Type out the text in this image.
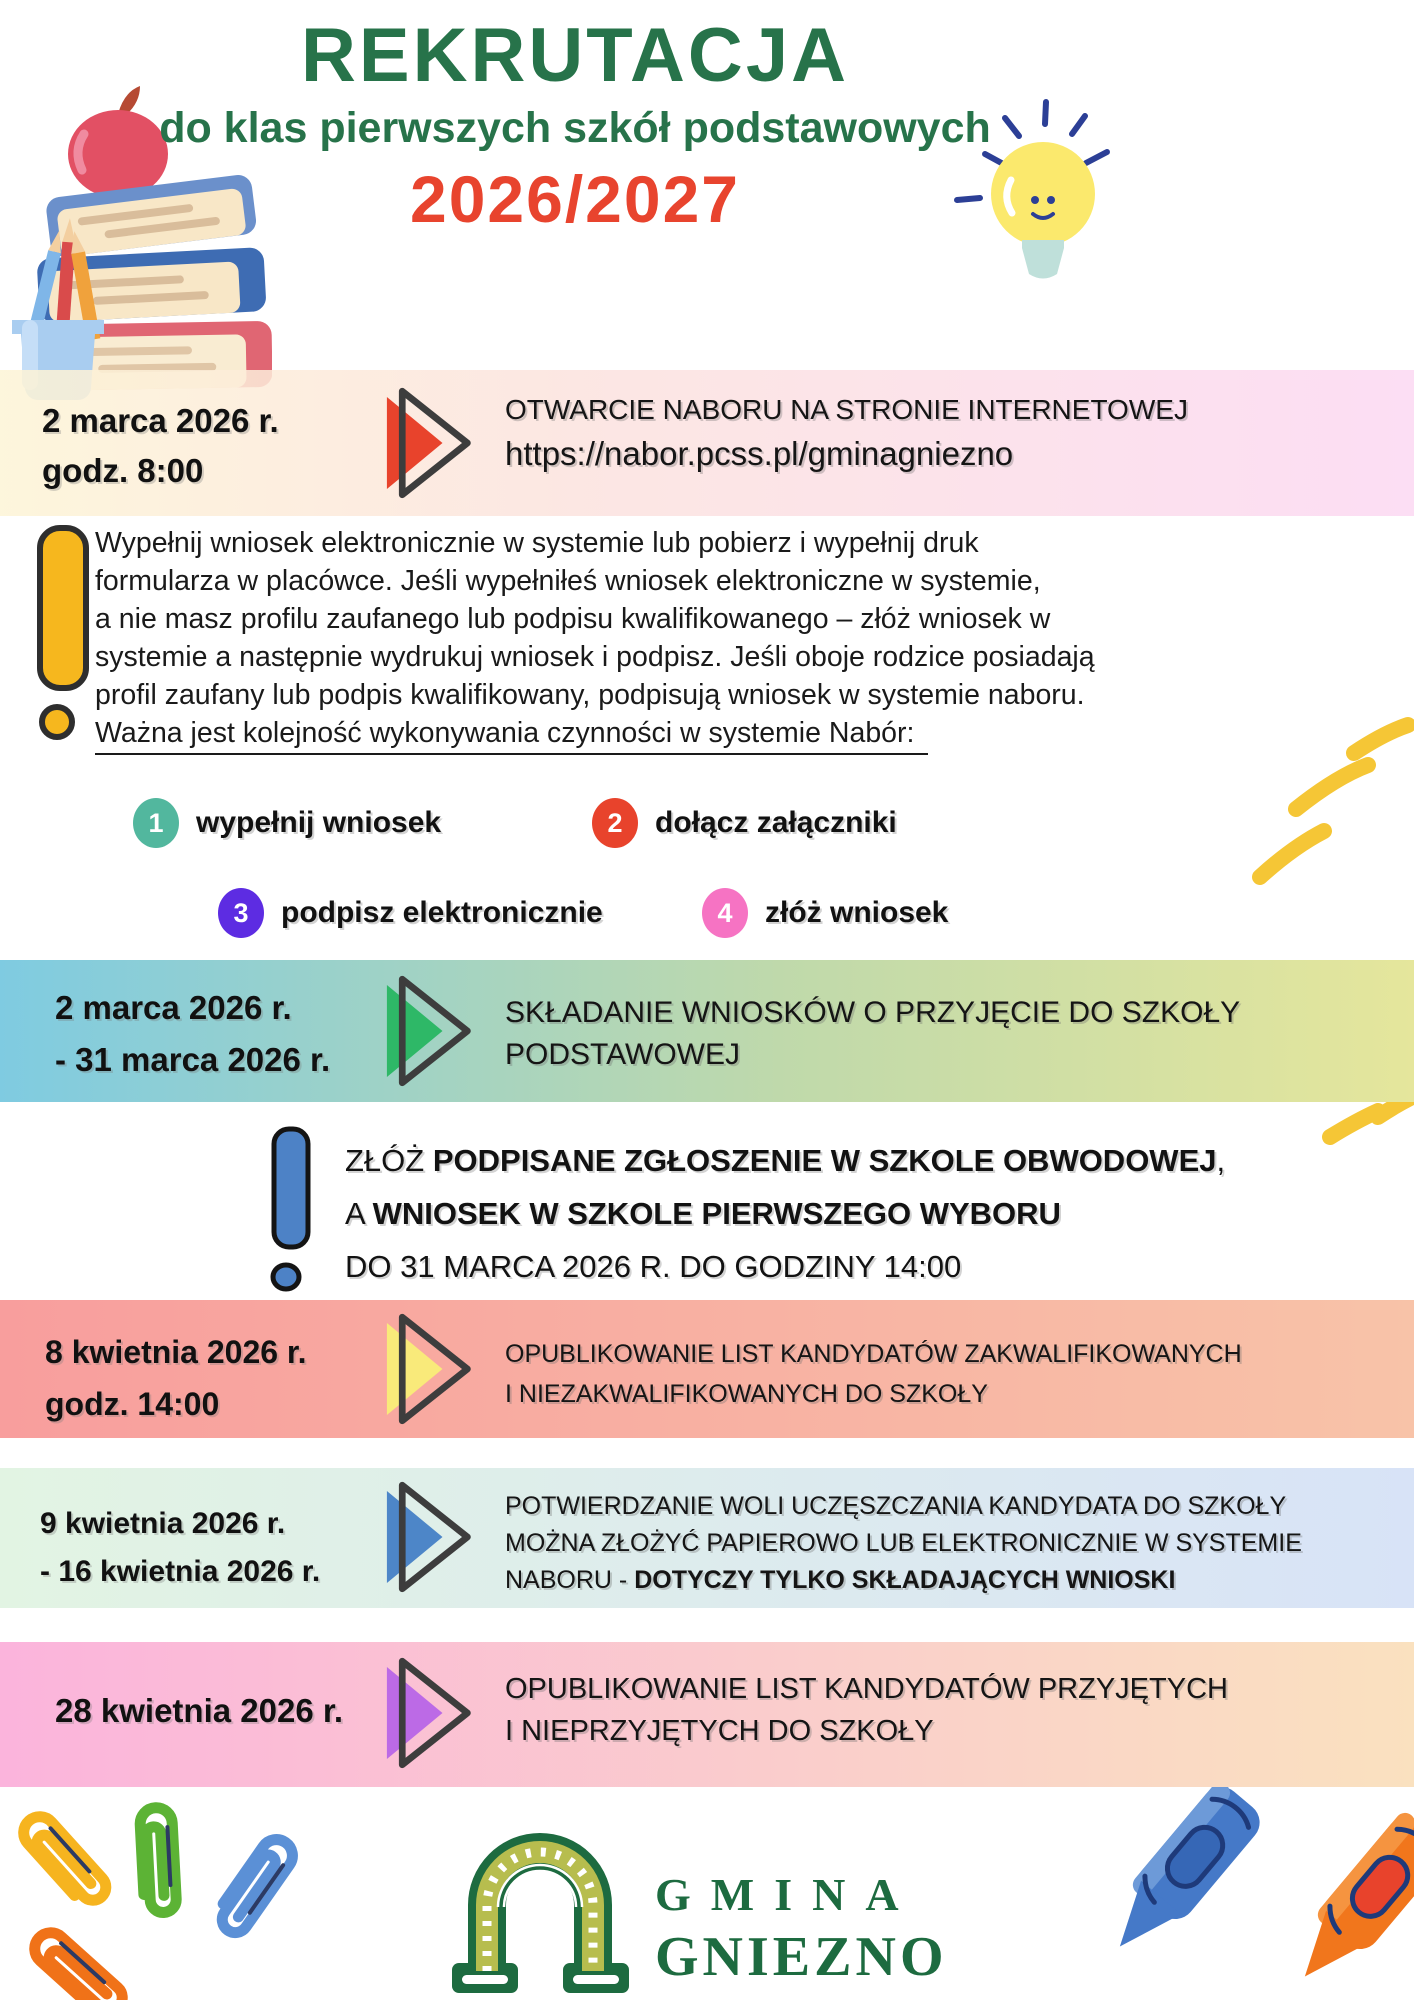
REKRUTACJA
do klas pierwszych szkół podstawowych
2026/2027
2 marca 2026 r.
godz. 8:00
OTWARCIE NABORU NA STRONIE INTERNETOWEJ
https://nabor.pcss.pl/gminagniezno
Wypełnij wniosek elektronicznie w systemie lub pobierz i wypełnij druk
formularza w placówce. Jeśli wypełniłeś wniosek elektroniczne w systemie,
a nie masz profilu zaufanego lub podpisu kwalifikowanego – złóż wniosek w
systemie a następnie wydrukuj wniosek i podpisz. Jeśli oboje rodzice posiadają
profil zaufany lub podpis kwalifikowany, podpisują wniosek w systemie naboru.
Ważna jest kolejność wykonywania czynności w systemie Nabór:
1	wypełnij wniosek	2	dołącz załączniki
3	podpisz elektronicznie	4	złóż wniosek
2 marca 2026 r.
- 31 marca 2026 r.
SKŁADANIE WNIOSKÓW O PRZYJĘCIE DO SZKOŁY
PODSTAWOWEJ
ZŁÓŻ PODPISANE ZGŁOSZENIE W SZKOLE OBWODOWEJ,
A WNIOSEK W SZKOLE PIERWSZEGO WYBORU
DO 31 MARCA 2026 R. DO GODZINY 14:00
8 kwietnia 2026 r.
godz. 14:00
OPUBLIKOWANIE LIST KANDYDATÓW ZAKWALIFIKOWANYCH
I NIEZAKWALIFIKOWANYCH DO SZKOŁY
9 kwietnia 2026 r.
- 16 kwietnia 2026 r.
POTWIERDZANIE WOLI UCZĘSZCZANIA KANDYDATA DO SZKOŁY
MOŻNA ZŁOŻYĆ PAPIEROWO LUB ELEKTRONICZNIE W SYSTEMIE
NABORU - DOTYCZY TYLKO SKŁADAJĄCYCH WNIOSKI
28 kwietnia 2026 r.
OPUBLIKOWANIE LIST KANDYDATÓW PRZYJĘTYCH
I NIEPRZYJĘTYCH DO SZKOŁY
GMINA
GNIEZNO
